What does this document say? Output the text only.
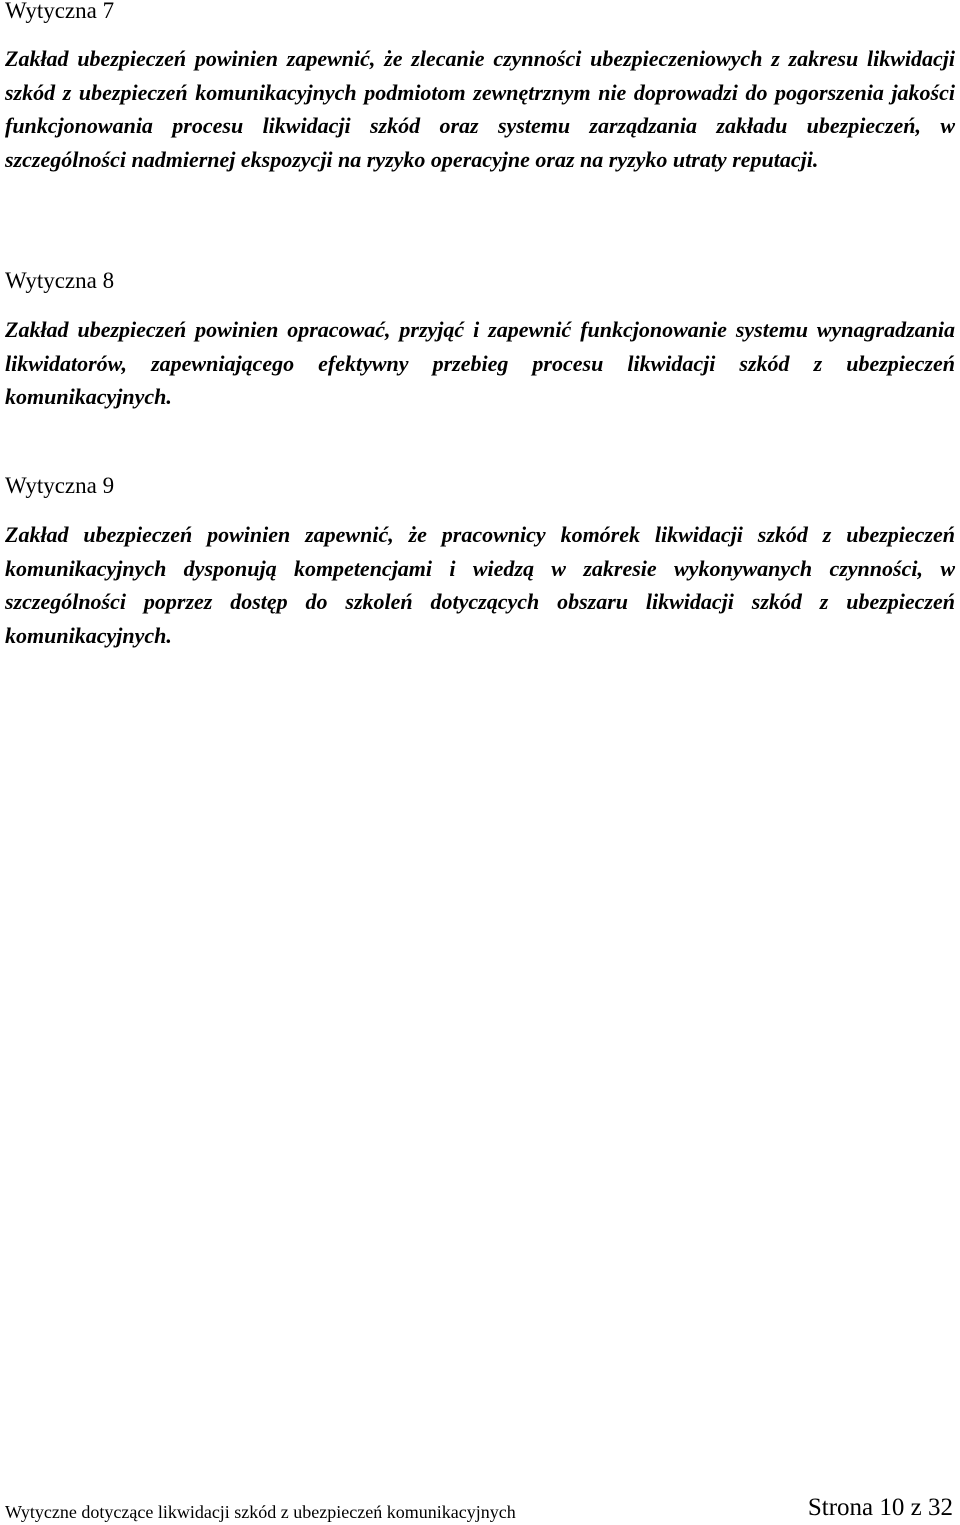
Wytyczna 7

Zakład ubezpieczeń powinien zapewnić, że zlecanie czynności ubezpieczeniowych z zakresu likwidacji szkód z ubezpieczeń komunikacyjnych podmiotom zewnętrznym nie doprowadzi do pogorszenia jakości funkcjonowania procesu likwidacji szkód oraz systemu zarządzania zakładu ubezpieczeń, w szczególności nadmiernej ekspozycji na ryzyko operacyjne oraz na ryzyko utraty reputacji.

Wytyczna 8

Zakład ubezpieczeń powinien opracować, przyjąć i zapewnić funkcjonowanie systemu wynagradzania likwidatorów, zapewniającego efektywny przebieg procesu likwidacji szkód z ubezpieczeń komunikacyjnych.

Wytyczna 9

Zakład ubezpieczeń powinien zapewnić, że pracownicy komórek likwidacji szkód z ubezpieczeń komunikacyjnych dysponują kompetencjami i wiedzą w zakresie wykonywanych czynności, w szczególności poprzez dostęp do szkoleń dotyczących obszaru likwidacji szkód z ubezpieczeń komunikacyjnych.

Wytyczne dotyczące likwidacji szkód z ubezpieczeń komunikacyjnych	Strona 10 z 32
